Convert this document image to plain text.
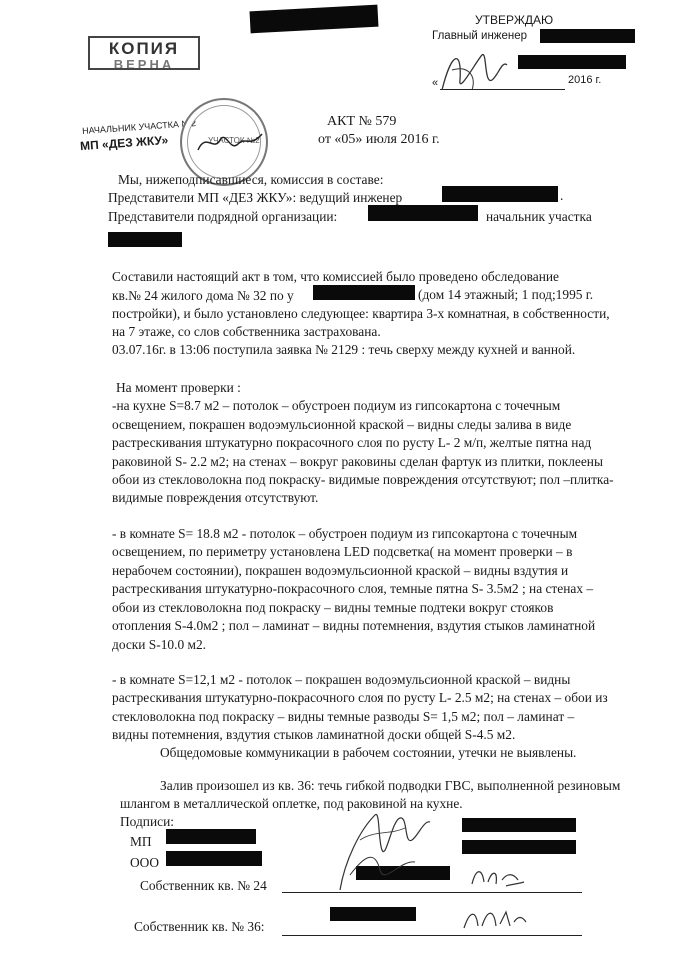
КОПИЯ
ВЕРНА
УТВЕРЖДАЮ
Главный инженер
«	2016 г.
НАЧАЛЬНИК УЧАСТКА №2
МП «ДЕЗ ЖКУ»	УЧАСТОК №2
АКТ № 579
от «05» июля 2016 г.
Мы, нижеподписавшиеся, комиссия в составе:
Представители МП «ДЕЗ ЖКУ»: ведущий инженер	.
Представители подрядной организации:	начальник участка
Составили настоящий акт в том, что комиссией было проведено обследование
кв.№ 24 жилого дома № 32 по у	(дом 14 этажный; 1 под;1995 г.
постройки), и было установлено следующее: квартира 3-х комнатная, в собственности,
на 7 этаже, со слов собственника застрахована.
03.07.16г. в 13:06 поступила заявка № 2129 : течь сверху между кухней и ванной.
На момент проверки :
-на кухне S=8.7 м2 – потолок – обустроен подиум из гипсокартона с точечным
освещением, покрашен водоэмульсионной краской – видны следы залива в виде
растрескивания штукатурно покрасочного слоя по русту L- 2 м/п, желтые пятна над
раковиной S- 2.2 м2; на стенах – вокруг раковины сделан фартук из плитки, поклеены
обои из стекловолокна под покраску- видимые повреждения отсутствуют; пол –плитка-
видимые повреждения отсутствуют.
- в комнате S= 18.8 м2 - потолок – обустроен подиум из гипсокартона с точечным
освещением, по периметру установлена LED подсветка( на момент проверки – в
нерабочем состоянии), покрашен водоэмульсионной краской – видны вздутия и
растрескивания штукатурно-покрасочного слоя, темные пятна S- 3.5м2 ; на стенах –
обои из стекловолокна под покраску – видны темные подтеки вокруг стояков
отопления S-4.0м2 ; пол – ламинат – видны потемнения, вздутия стыков ламинатной
доски S-10.0 м2.
- в комнате S=12,1 м2 - потолок – покрашен водоэмульсионной краской – видны
растрескивания штукатурно-покрасочного слоя по русту L- 2.5 м2; на стенах – обои из
стекловолокна под покраску – видны темные разводы S= 1,5 м2; пол – ламинат –
видны потемнения, вздутия стыков ламинатной доски общей S-4.5 м2.
Общедомовые коммуникации в рабочем состоянии, утечки не выявлены.
Залив произошел из кв. 36: течь гибкой подводки ГВС, выполненной резиновым
шлангом в металлической оплетке, под раковиной на кухне.
Подписи:
МП
ООО
Собственник кв. № 24
Собственник кв. № 36:
